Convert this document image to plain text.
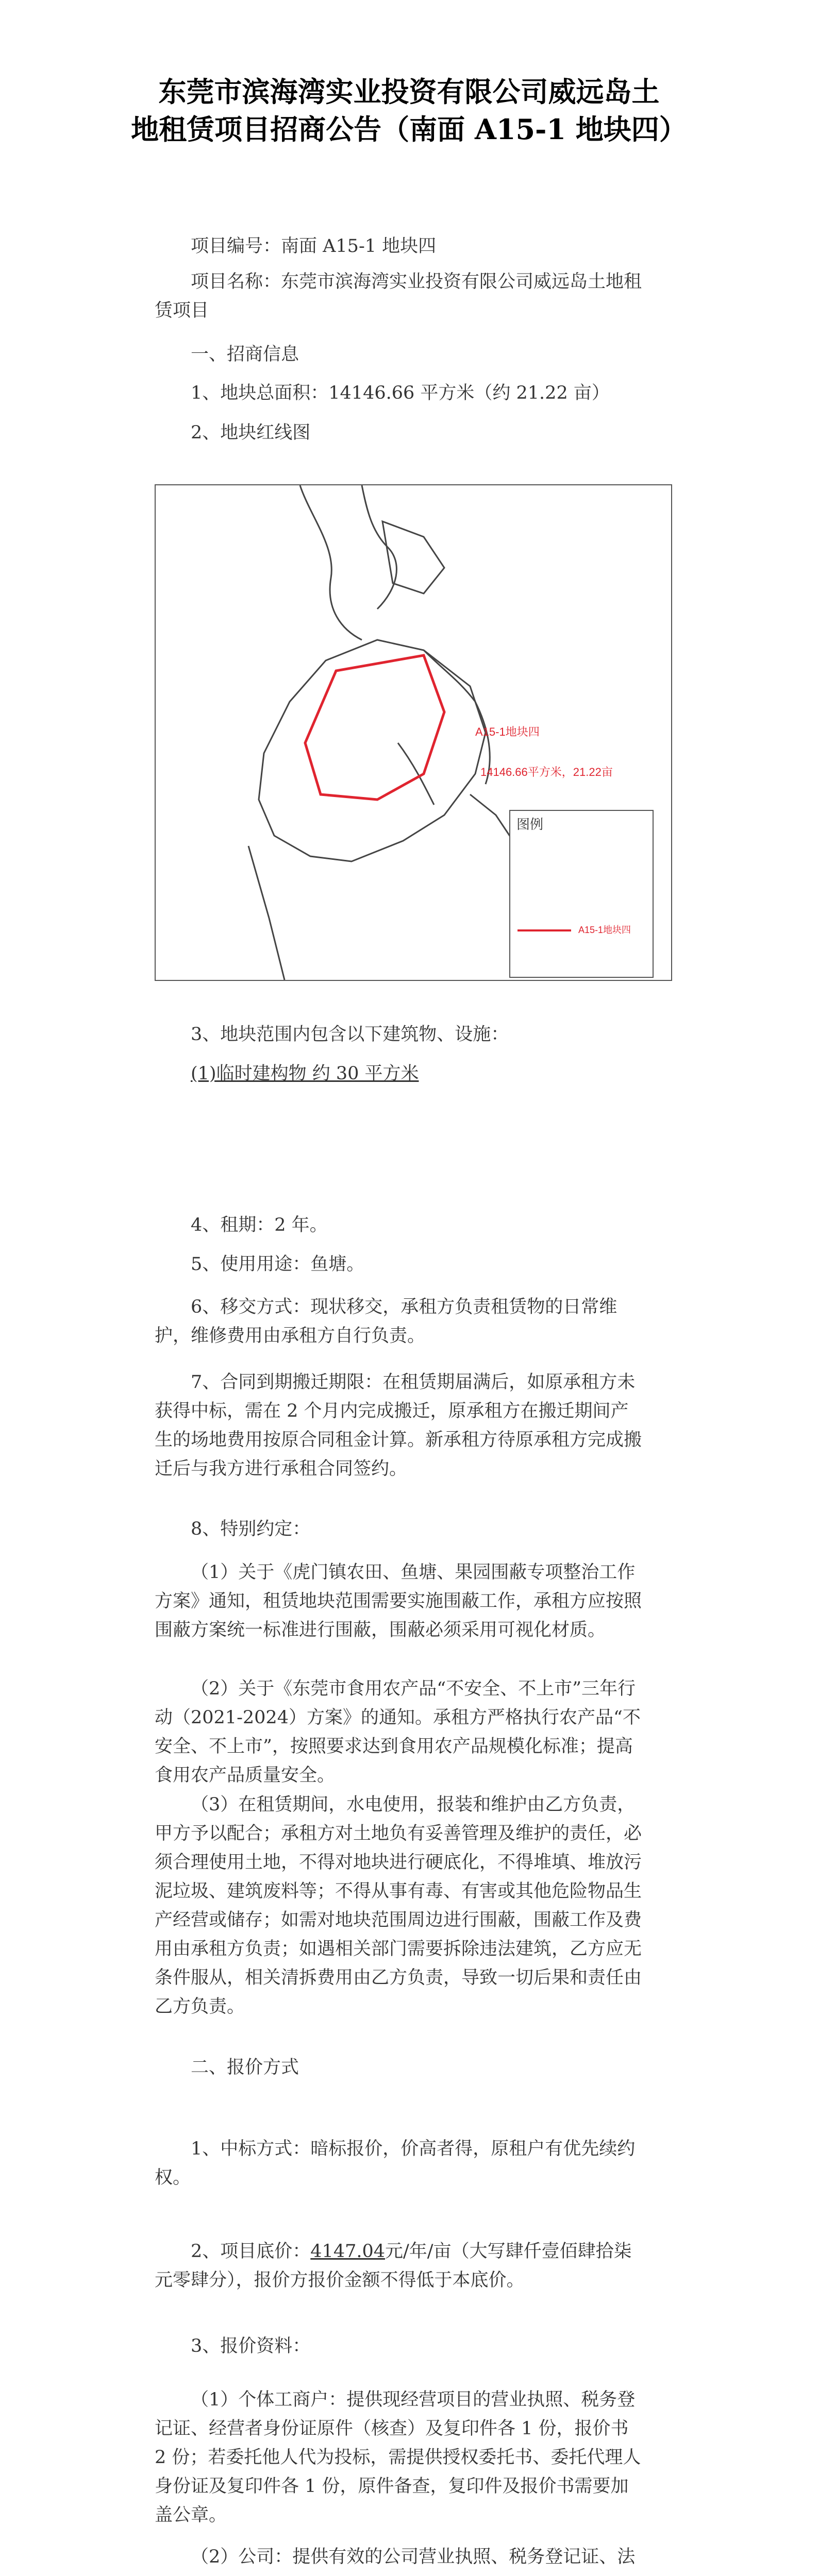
东莞市滨海湾实业投资有限公司威远岛土
地租赁项目招商公告（南面 A15-1 地块四）
项目编号：南面 A15-1 地块四
项目名称：东莞市滨海湾实业投资有限公司威远岛土地租
赁项目
一、招商信息
1、地块总面积：14146.66 平方米（约 21.22 亩）
2、地块红线图
A15-1地块四
14146.66平方米，21.22亩
图例
A15-1地块四
3、地块范围内包含以下建筑物、设施：
(1)临时建构物 约 30 平方米
4、租期：2 年。
5、使用用途：鱼塘。
6、移交方式：现状移交，承租方负责租赁物的日常维护，维修费用由承租方自行负责。
7、合同到期搬迁期限：在租赁期届满后，如原承租方未获得中标，需在 2 个月内完成搬迁，原承租方在搬迁期间产生的场地费用按原合同租金计算。新承租方待原承租方完成搬迁后与我方进行承租合同签约。
8、特别约定：
（1）关于《虎门镇农田、鱼塘、果园围蔽专项整治工作方案》通知，租赁地块范围需要实施围蔽工作，承租方应按照围蔽方案统一标准进行围蔽，围蔽必须采用可视化材质。
（2）关于《东莞市食用农产品“不安全、不上市”三年行动（2021-2024）方案》的通知。承租方严格执行农产品“不安全、不上市”，按照要求达到食用农产品规模化标准；提高食用农产品质量安全。
（3）在租赁期间，水电使用，报装和维护由乙方负责，甲方予以配合；承租方对土地负有妥善管理及维护的责任，必须合理使用土地，不得对地块进行硬底化，不得堆填、堆放污泥垃圾、建筑废料等；不得从事有毒、有害或其他危险物品生产经营或储存；如需对地块范围周边进行围蔽，围蔽工作及费用由承租方负责；如遇相关部门需要拆除违法建筑，乙方应无条件服从，相关清拆费用由乙方负责，导致一切后果和责任由乙方负责。
二、报价方式
1、中标方式：暗标报价，价高者得，原租户有优先续约权。
2、项目底价：4147.04元/年/亩（大写肆仟壹佰肆拾柒元零肆分），报价方报价金额不得低于本底价。
3、报价资料：
（1）个体工商户：提供现经营项目的营业执照、税务登记证、经营者身份证原件（核查）及复印件各 1 份，报价书 2 份；若委托他人代为投标，需提供授权委托书、委托代理人身份证及复印件各 1 份，原件备查，复印件及报价书需要加盖公章。
（2）公司：提供有效的公司营业执照、税务登记证、法
